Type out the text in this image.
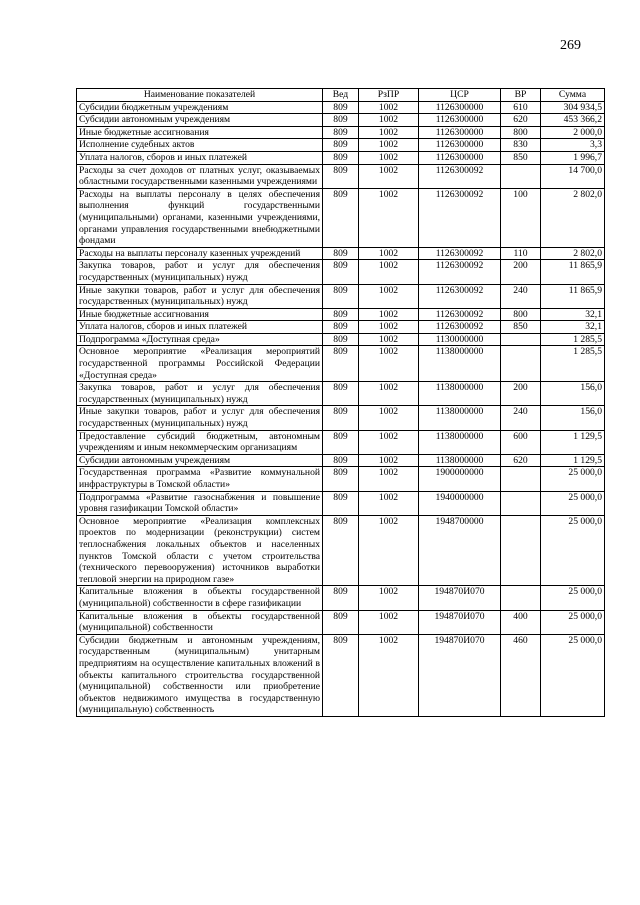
269
Наименование показателей	Вед	РзПР	ЦСР	ВР	Сумма
Субсидии бюджетным учреждениям	809	1002	1126300000	610	304 934,5
Субсидии автономным учреждениям	809	1002	1126300000	620	453 366,2
Иные бюджетные ассигнования	809	1002	1126300000	800	2 000,0
Исполнение судебных актов	809	1002	1126300000	830	3,3
Уплата налогов, сборов и иных платежей	809	1002	1126300000	850	1 996,7
Расходы за счет доходов от платных услуг, оказываемых областными государственными казенными учреждениями	809	1002	1126300092		14 700,0
Расходы на выплаты персоналу в целях обеспечения выполнения функций государственными (муниципальными) органами, казенными учреждениями, органами управления государственными внебюджетными фондами	809	1002	1126300092	100	2 802,0
Расходы на выплаты персоналу казенных учреждений	809	1002	1126300092	110	2 802,0
Закупка товаров, работ и услуг для обеспечения государственных (муниципальных) нужд	809	1002	1126300092	200	11 865,9
Иные закупки товаров, работ и услуг для обеспечения государственных (муниципальных) нужд	809	1002	1126300092	240	11 865,9
Иные бюджетные ассигнования	809	1002	1126300092	800	32,1
Уплата налогов, сборов и иных платежей	809	1002	1126300092	850	32,1
Подпрограмма «Доступная среда»	809	1002	1130000000		1 285,5
Основное мероприятие «Реализация мероприятий государственной программы Российской Федерации «Доступная среда»	809	1002	1138000000		1 285,5
Закупка товаров, работ и услуг для обеспечения государственных (муниципальных) нужд	809	1002	1138000000	200	156,0
Иные закупки товаров, работ и услуг для обеспечения государственных (муниципальных) нужд	809	1002	1138000000	240	156,0
Предоставление субсидий бюджетным, автономным учреждениям и иным некоммерческим организациям	809	1002	1138000000	600	1 129,5
Субсидии автономным учреждениям	809	1002	1138000000	620	1 129,5
Государственная программа «Развитие коммунальной инфраструктуры в Томской области»	809	1002	1900000000		25 000,0
Подпрограмма «Развитие газоснабжения и повышение уровня газификации Томской области»	809	1002	1940000000		25 000,0
Основное мероприятие «Реализация комплексных проектов по модернизации (реконструкции) систем теплоснабжения локальных объектов и населенных пунктов Томской области с учетом строительства (технического перевооружения) источников выработки тепловой энергии на природном газе»	809	1002	1948700000		25 000,0
Капитальные вложения в объекты государственной (муниципальной) собственности в сфере газификации	809	1002	194870И070		25 000,0
Капитальные вложения в объекты государственной (муниципальной) собственности	809	1002	194870И070	400	25 000,0
Субсидии бюджетным и автономным учреждениям, государственным (муниципальным) унитарным предприятиям на осуществление капитальных вложений в объекты капитального строительства государственной (муниципальной) собственности или приобретение объектов недвижимого имущества в государственную (муниципальную) собственность	809	1002	194870И070	460	25 000,0
